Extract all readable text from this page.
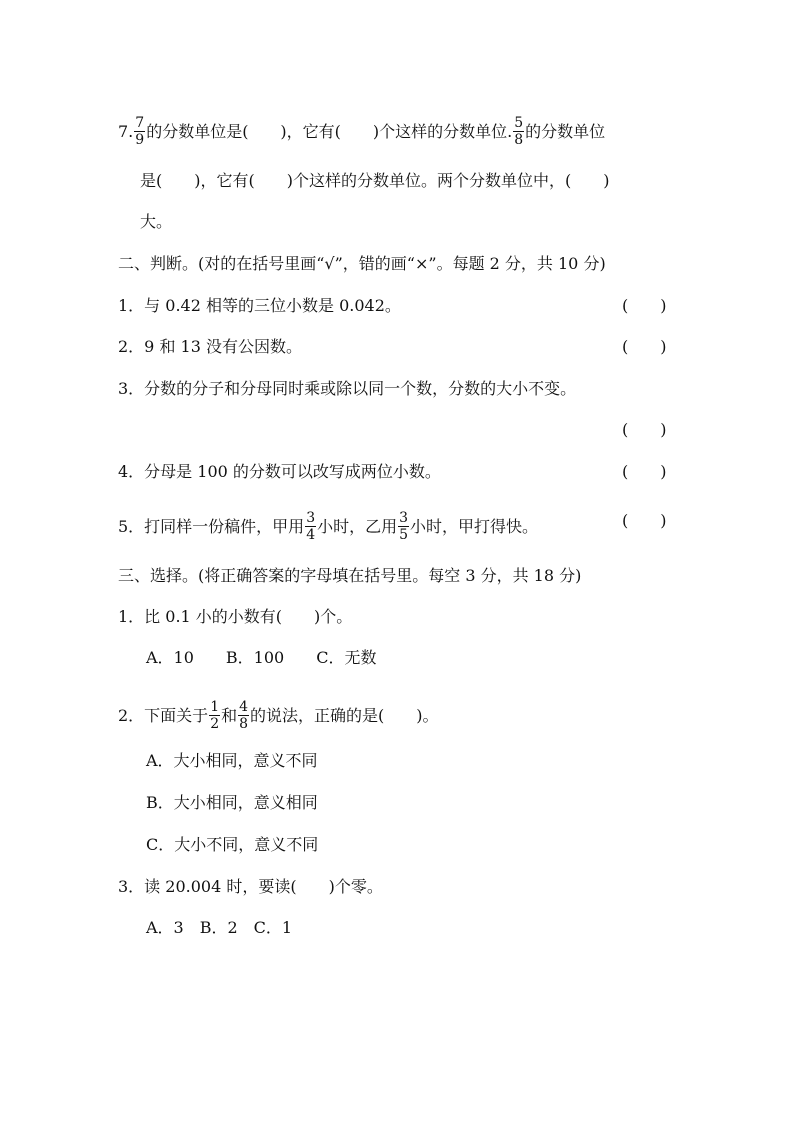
7. $\frac{7}{9}$ 的分数单位是(　　)，它有(　　)个这样的分数单位. $\frac{5}{8}$ 的分数单位
是(　　)，它有(　　)个这样的分数单位。两个分数单位中，(　　)
大。
二、判断。(对的在括号里画“√”，错的画“×”。每题 2 分，共 10 分)
1．与 0.42 相等的三位小数是 0.042。	(　　)
2．9 和 13 没有公因数。	(　　)
3．分数的分子和分母同时乘或除以同一个数，分数的大小不变。
(　　)
4．分母是 100 的分数可以改写成两位小数。	(　　)
5．打同样一份稿件，甲用 $\frac{3}{4}$ 小时，乙用 $\frac{3}{5}$ 小时，甲打得快。	(　　)
三、选择。(将正确答案的字母填在括号里。每空 3 分，共 18 分)
1．比 0.1 小的小数有(　　)个。
A．10　　B．100　　C．无数
2．下面关于 $\frac{1}{2}$ 和 $\frac{4}{8}$ 的说法，正确的是(　　)。
A．大小相同，意义不同
B．大小相同，意义相同
C．大小不同，意义不同
3．读 20.004 时，要读(　　)个零。
A．3　B．2　C．1
